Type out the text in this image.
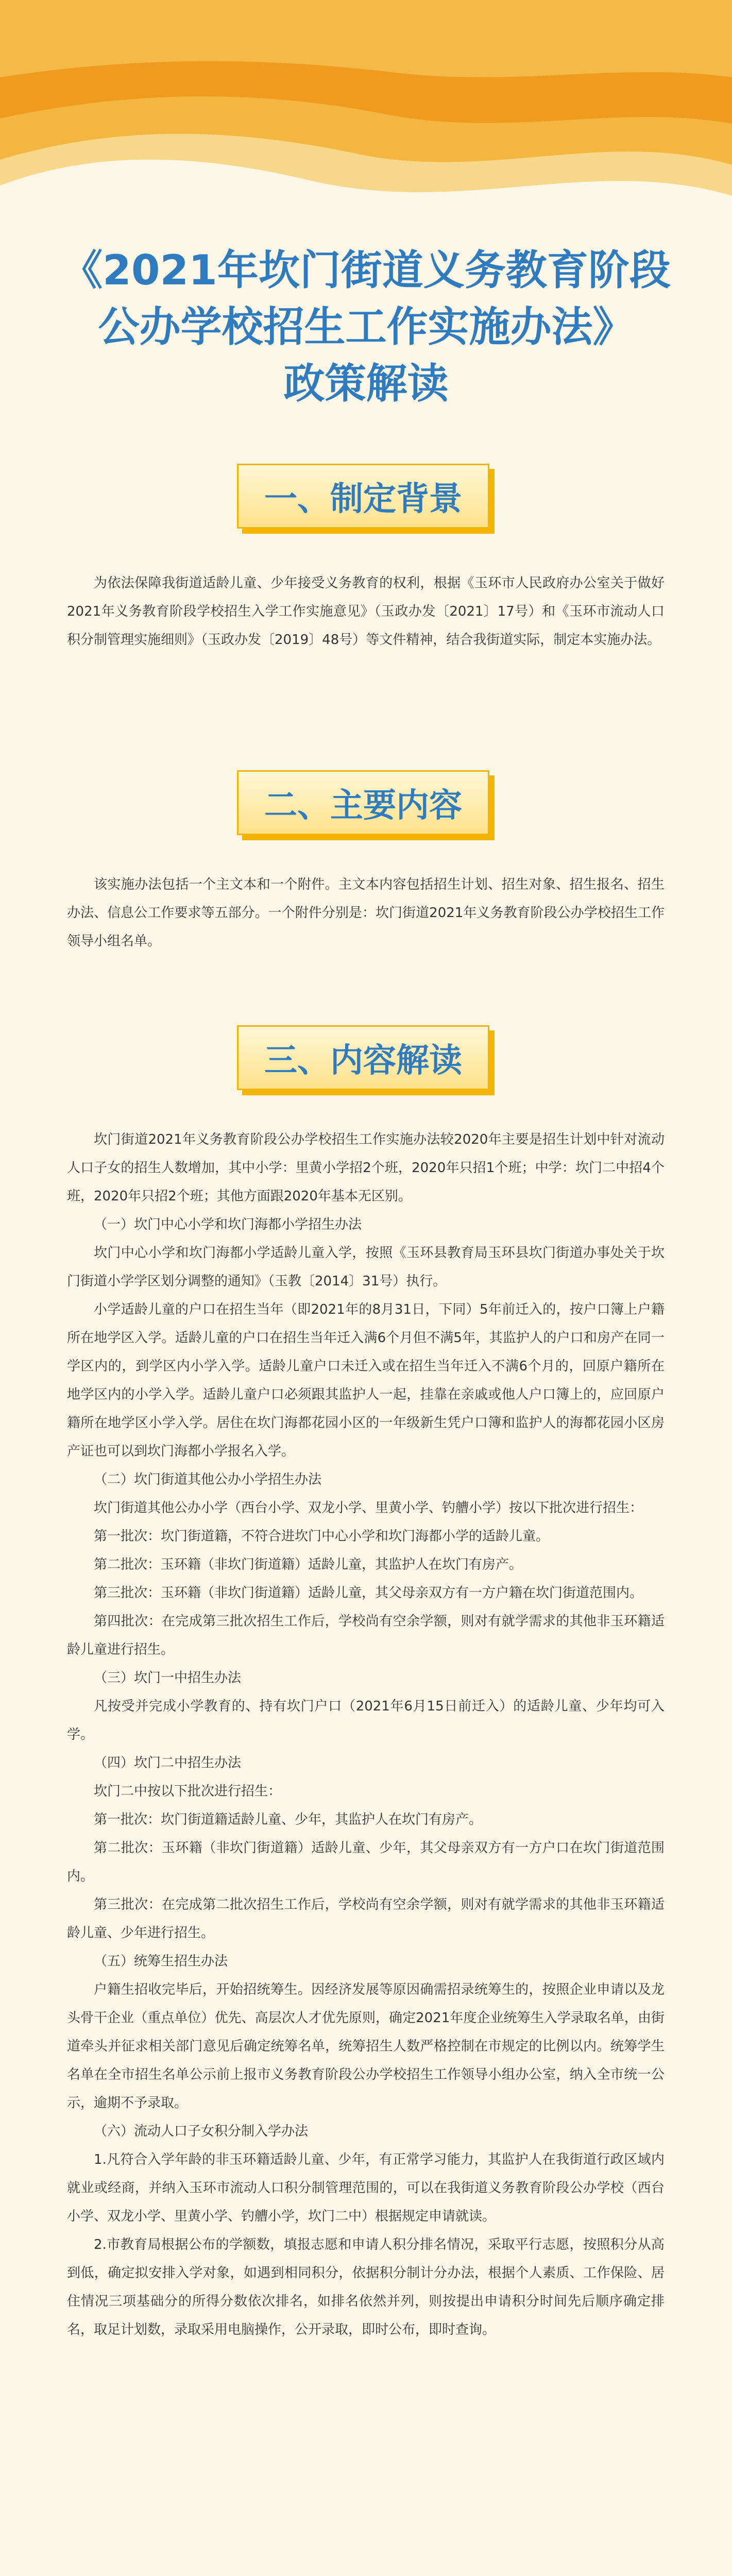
《2021年坎门街道义务教育阶段
公办学校招生工作实施办法》
政策解读
一、制定背景

为依法保障我街道适龄儿童、少年接受义务教育的权利，根据《玉环市人民政府办公室关于做好2021年义务教育阶段学校招生入学工作实施意见》（玉政办发〔2021〕17号）和《玉环市流动人口积分制管理实施细则》（玉政办发〔2019〕48号）等文件精神，结合我街道实际，制定本实施办法。

二、主要内容

该实施办法包括一个主文本和一个附件。主文本内容包括招生计划、招生对象、招生报名、招生办法、信息公工作要求等五部分。一个附件分别是：坎门街道2021年义务教育阶段公办学校招生工作领导小组名单。

三、内容解读

坎门街道2021年义务教育阶段公办学校招生工作实施办法较2020年主要是招生计划中针对流动人口子女的招生人数增加，其中小学：里黄小学招2个班，2020年只招1个班；中学：坎门二中招4个班，2020年只招2个班；其他方面跟2020年基本无区别。

（一）坎门中心小学和坎门海都小学招生办法

坎门中心小学和坎门海都小学适龄儿童入学，按照《玉环县教育局玉环县坎门街道办事处关于坎门街道小学学区划分调整的通知》（玉教〔2014〕31号）执行。

小学适龄儿童的户口在招生当年（即2021年的8月31日，下同）5年前迁入的，按户口簿上户籍所在地学区入学。适龄儿童的户口在招生当年迁入满6个月但不满5年，其监护人的户口和房产在同一学区内的，到学区内小学入学。适龄儿童户口未迁入或在招生当年迁入不满6个月的，回原户籍所在地学区内的小学入学。适龄儿童户口必须跟其监护人一起，挂靠在亲戚或他人户口簿上的，应回原户籍所在地学区小学入学。居住在坎门海都花园小区的一年级新生凭户口簿和监护人的海都花园小区房产证也可以到坎门海都小学报名入学。

（二）坎门街道其他公办小学招生办法

坎门街道其他公办小学（西台小学、双龙小学、里黄小学、钓艚小学）按以下批次进行招生：

第一批次：坎门街道籍，不符合进坎门中心小学和坎门海都小学的适龄儿童。

第二批次：玉环籍（非坎门街道籍）适龄儿童，其监护人在坎门有房产。

第三批次：玉环籍（非坎门街道籍）适龄儿童，其父母亲双方有一方户籍在坎门街道范围内。

第四批次：在完成第三批次招生工作后，学校尚有空余学额，则对有就学需求的其他非玉环籍适龄儿童进行招生。

（三）坎门一中招生办法

凡按受并完成小学教育的、持有坎门户口（2021年6月15日前迁入）的适龄儿童、少年均可入学。

（四）坎门二中招生办法

坎门二中按以下批次进行招生：

第一批次：坎门街道籍适龄儿童、少年，其监护人在坎门有房产。

第二批次：玉环籍（非坎门街道籍）适龄儿童、少年，其父母亲双方有一方户口在坎门街道范围内。

第三批次：在完成第二批次招生工作后，学校尚有空余学额，则对有就学需求的其他非玉环籍适龄儿童、少年进行招生。

（五）统筹生招生办法

户籍生招收完毕后，开始招统筹生。因经济发展等原因确需招录统筹生的，按照企业申请以及龙头骨干企业（重点单位）优先、高层次人才优先原则，确定2021年度企业统筹生入学录取名单，由街道牵头并征求相关部门意见后确定统筹名单，统筹招生人数严格控制在市规定的比例以内。统筹学生名单在全市招生名单公示前上报市义务教育阶段公办学校招生工作领导小组办公室，纳入全市统一公示，逾期不予录取。

（六）流动人口子女积分制入学办法

1.凡符合入学年龄的非玉环籍适龄儿童、少年，有正常学习能力，其监护人在我街道行政区域内就业或经商，并纳入玉环市流动人口积分制管理范围的，可以在我街道义务教育阶段公办学校（西台小学、双龙小学、里黄小学、钓艚小学，坎门二中）根据规定申请就读。

2.市教育局根据公布的学额数，填报志愿和申请人积分排名情况，采取平行志愿，按照积分从高到低，确定拟安排入学对象，如遇到相同积分，依据积分制计分办法，根据个人素质、工作保险、居住情况三项基础分的所得分数依次排名，如排名依然并列，则按提出申请积分时间先后顺序确定排名，取足计划数，录取采用电脑操作，公开录取，即时公布，即时查询。
